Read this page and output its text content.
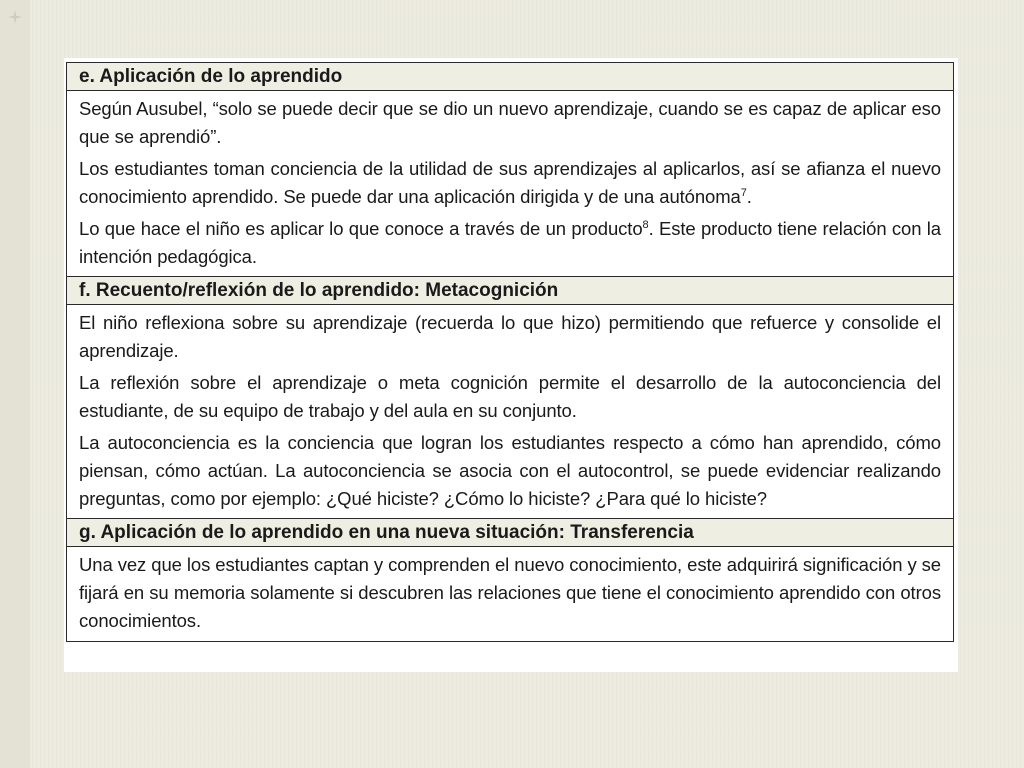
e. Aplicación de lo aprendido

Según Ausubel, “solo se puede decir que se dio un nuevo aprendizaje, cuando se es capaz de aplicar eso que se aprendió”.

Los estudiantes toman conciencia de la utilidad de sus aprendizajes al aplicarlos, así se afianza el nuevo conocimiento aprendido. Se puede dar una aplicación dirigida y de una autónoma$^7$.

Lo que hace el niño es aplicar lo que conoce a través de un producto$^8$. Este producto tiene relación con la intención pedagógica.

f. Recuento/reflexión de lo aprendido: Metacognición

El niño reflexiona sobre su aprendizaje (recuerda lo que hizo) permitiendo que refuerce y consolide el aprendizaje.

La reflexión sobre el aprendizaje o meta cognición permite el desarrollo de la autoconciencia del estudiante, de su equipo de trabajo y del aula en su conjunto.

La autoconciencia es la conciencia que logran los estudiantes respecto a cómo han aprendido, cómo piensan, cómo actúan. La autoconciencia se asocia con el autocontrol, se puede evidenciar realizando preguntas, como por ejemplo: ¿Qué hiciste? ¿Cómo lo hiciste? ¿Para qué lo hiciste?

g. Aplicación de lo aprendido en una nueva situación: Transferencia

Una vez que los estudiantes captan y comprenden el nuevo conocimiento, este adquirirá significación y se fijará en su memoria solamente si descubren las relaciones que tiene el conocimiento aprendido con otros conocimientos.
